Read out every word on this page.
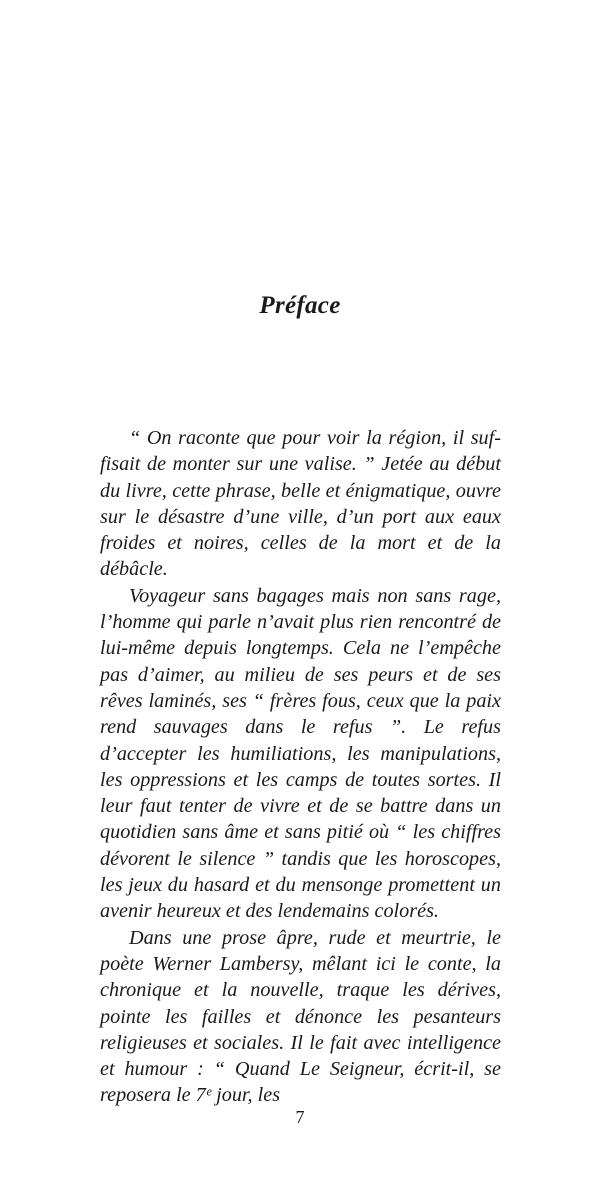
Préface

“ On raconte que pour voir la région, il suffisait de monter sur une valise. ” Jetée au début du livre, cette phrase, belle et énigmatique, ouvre sur le désastre d’une ville, d’un port aux eaux froides et noires, celles de la mort et de la débâcle.

Voyageur sans bagages mais non sans rage, l’homme qui parle n’avait plus rien rencontré de lui-même depuis longtemps. Cela ne l’empêche pas d’aimer, au milieu de ses peurs et de ses rêves laminés, ses “ frères fous, ceux que la paix rend sauvages dans le refus ”. Le refus d’accepter les humiliations, les manipulations, les oppressions et les camps de toutes sortes. Il leur faut tenter de vivre et de se battre dans un quotidien sans âme et sans pitié où “ les chiffres dévorent le silence ” tandis que les horoscopes, les jeux du hasard et du mensonge promettent un avenir heureux et des lendemains colorés.

Dans une prose âpre, rude et meurtrie, le poète Werner Lambersy, mêlant ici le conte, la chronique et la nouvelle, traque les dérives, pointe les failles et dénonce les pesanteurs religieuses et sociales. Il le fait avec intelligence et humour : “ Quand Le Seigneur, écrit-il, se reposera le 7ᵉ jour, les

7
